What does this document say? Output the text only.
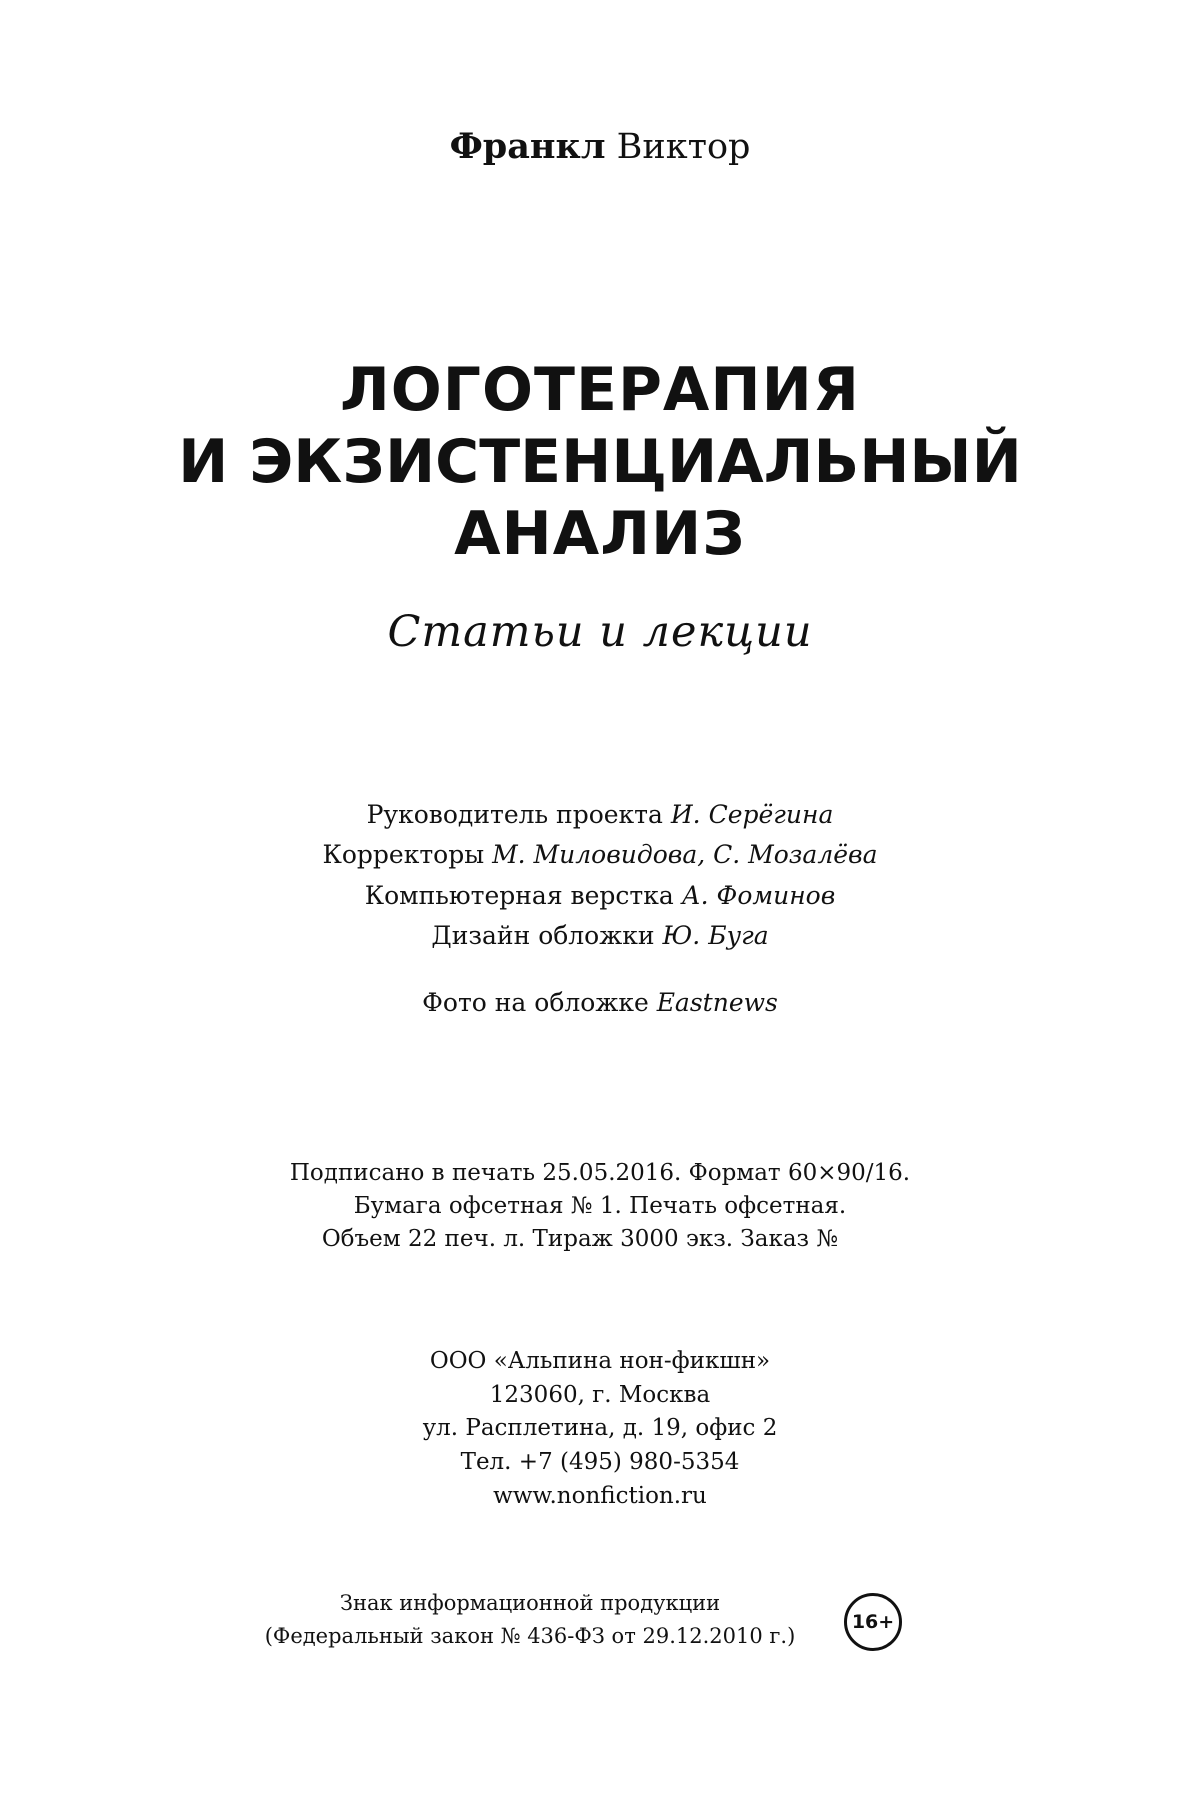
Франкл Виктор
ЛОГОТЕРАПИЯ
И ЭКЗИСТЕНЦИАЛЬНЫЙ
АНАЛИЗ
Статьи и лекции
Руководитель проекта И. Серёгина
Корректоры М. Миловидова, С. Мозалёва
Компьютерная верстка А. Фоминов
Дизайн обложки Ю. Буга
Фото на обложке Eastnews
Подписано в печать 25.05.2016. Формат 60×90/16.
Бумага офсетная № 1. Печать офсетная.
Объем 22 печ. л. Тираж 3000 экз. Заказ №
ООО «Альпина нон-фикшн»
123060, г. Москва
ул. Расплетина, д. 19, офис 2
Тел. +7 (495) 980-5354
www.nonfiction.ru
Знак информационной продукции
(Федеральный закон № 436-ФЗ от 29.12.2010 г.)
16+
